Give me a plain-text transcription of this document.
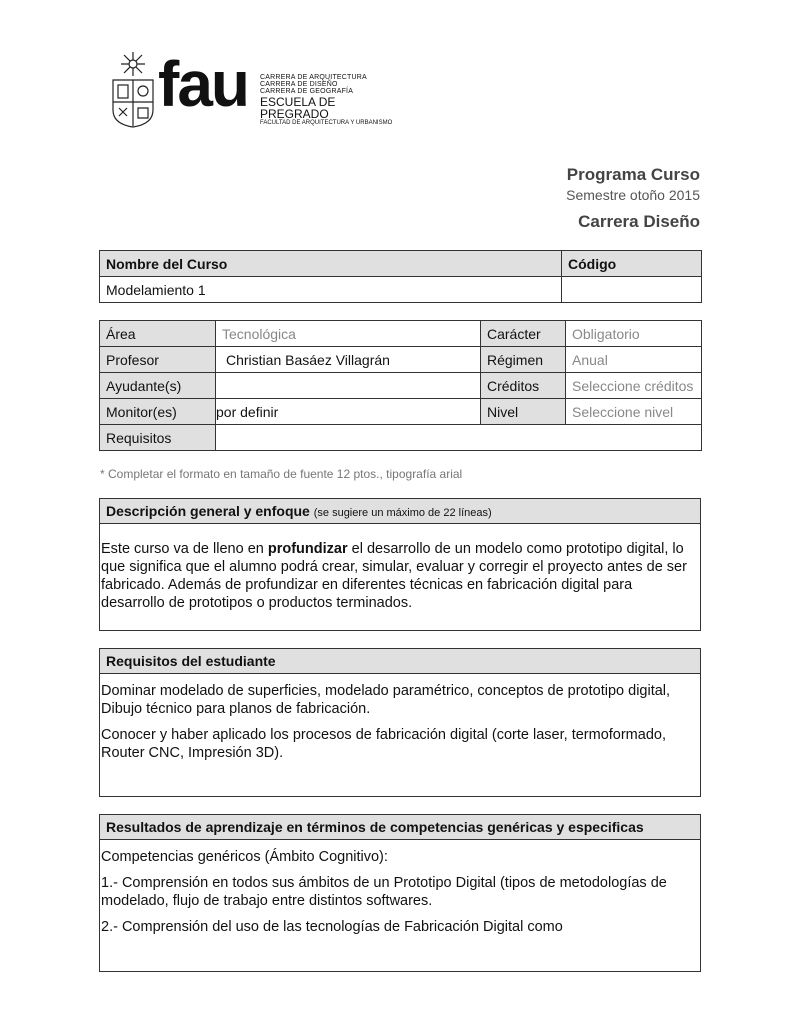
fau CARRERA DE ARQUITECTURA
CARRERA DE DISEÑO
CARRERA DE GEOGRAFÍA
ESCUELA DE PREGRADO
FACULTAD DE ARQUITECTURA Y URBANISMO
Programa Curso
Semestre otoño 2015
Carrera Diseño
Nombre del Curso	Código
Modelamiento 1	
Área	Tecnológica	Carácter	Obligatorio
Profesor	Christian Basáez Villagrán	Régimen	Anual
Ayudante(s)		Créditos	Seleccione créditos
Monitor(es)	por definir	Nivel	Seleccione nivel
Requisitos			
* Completar el formato en tamaño de fuente 12 ptos., tipografía arial
Descripción general y enfoque (se sugiere un máximo de 22 líneas)
Este curso va de lleno en profundizar el desarrollo de un modelo como prototipo digital, lo que significa que el alumno podrá crear, simular, evaluar y corregir el proyecto antes de ser fabricado. Además de profundizar en diferentes técnicas en fabricación digital para desarrollo de prototipos o productos terminados.
Requisitos del estudiante

Dominar modelado de superficies, modelado paramétrico, conceptos de prototipo digital, Dibujo técnico para planos de fabricación.

Conocer y haber aplicado los procesos de fabricación digital (corte laser, termoformado, Router CNC, Impresión 3D).

Resultados de aprendizaje en términos de competencias genéricas y especificas

Competencias genéricos (Ámbito Cognitivo):

1.- Comprensión en todos sus ámbitos de un Prototipo Digital (tipos de metodologías de modelado, flujo de trabajo entre distintos softwares.

2.- Comprensión del uso de las tecnologías de Fabricación Digital como
